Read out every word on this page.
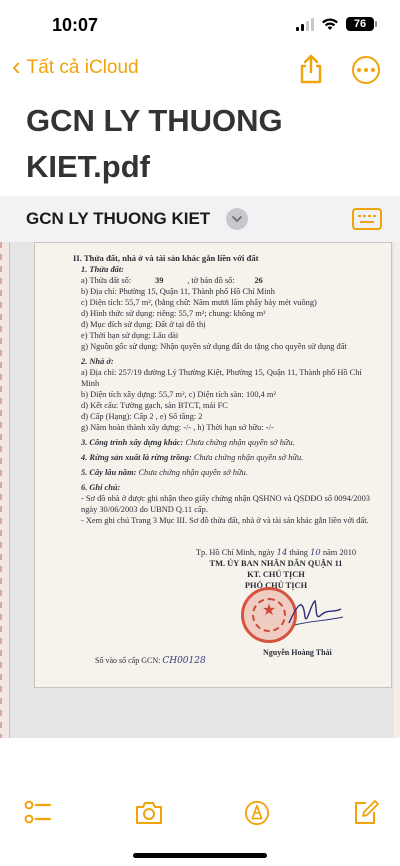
10:07	76
‹ Tất cả iCloud
GCN LY THUONG KIET.pdf
GCN LY THUONG KIET
II. Thửa đất, nhà ở và tài sản khác gắn liền với đất
1. Thửa đất:
a) Thửa đất số:	39	, tờ bản đồ số:	26
b) Địa chỉ: Phường 15, Quận 11, Thành phố Hồ Chí Minh
c) Diện tích: 55,7 m², (bằng chữ: Năm mươi lăm phẩy bảy mét vuông)
d) Hình thức sử dụng: riêng: 55,7 m²; chung: không m²
đ) Mục đích sử dụng: Đất ở tại đô thị
e) Thời hạn sử dụng: Lâu dài
g) Nguồn gốc sử dụng: Nhận quyền sử dụng đất do tặng cho quyền sử dụng đất
2. Nhà ở:
a) Địa chỉ: 257/19 đường Lý Thường Kiệt, Phường 15, Quận 11, Thành phố Hồ Chí Minh
b) Diện tích xây dựng: 55,7 m², c) Diện tích sàn: 100,4 m²
d) Kết cấu: Tường gạch, sàn BTCT, mái FC
đ) Cấp (Hạng): Cấp 2 , e) Số tầng: 2
g) Năm hoàn thành xây dựng: -/- , h) Thời hạn sở hữu: -/-
3. Công trình xây dựng khác: Chưa chứng nhận quyền sở hữu.
4. Rừng sản xuất là rừng trồng: Chưa chứng nhận quyền sở hữu.
5. Cây lâu năm: Chưa chứng nhận quyền sở hữu.
6. Ghi chú:
- Sơ đồ nhà ở được ghi nhận theo giấy chứng nhận QSHNO và QSDĐO số 0094/2003 ngày 30/06/2003 do UBND Q.11 cấp.
- Xem ghi chú Trang 3 Mục III. Sơ đồ thửa đất, nhà ở và tài sản khác gắn liền với đất.
Tp. Hồ Chí Minh, ngày 14 tháng 10 năm 2010
TM. ỦY BAN NHÂN DÂN QUẬN 11
KT. CHỦ TỊCH
PHÓ CHỦ TỊCH
★
Nguyễn Hoàng Thái
Số vào sổ cấp GCN: CH00128
